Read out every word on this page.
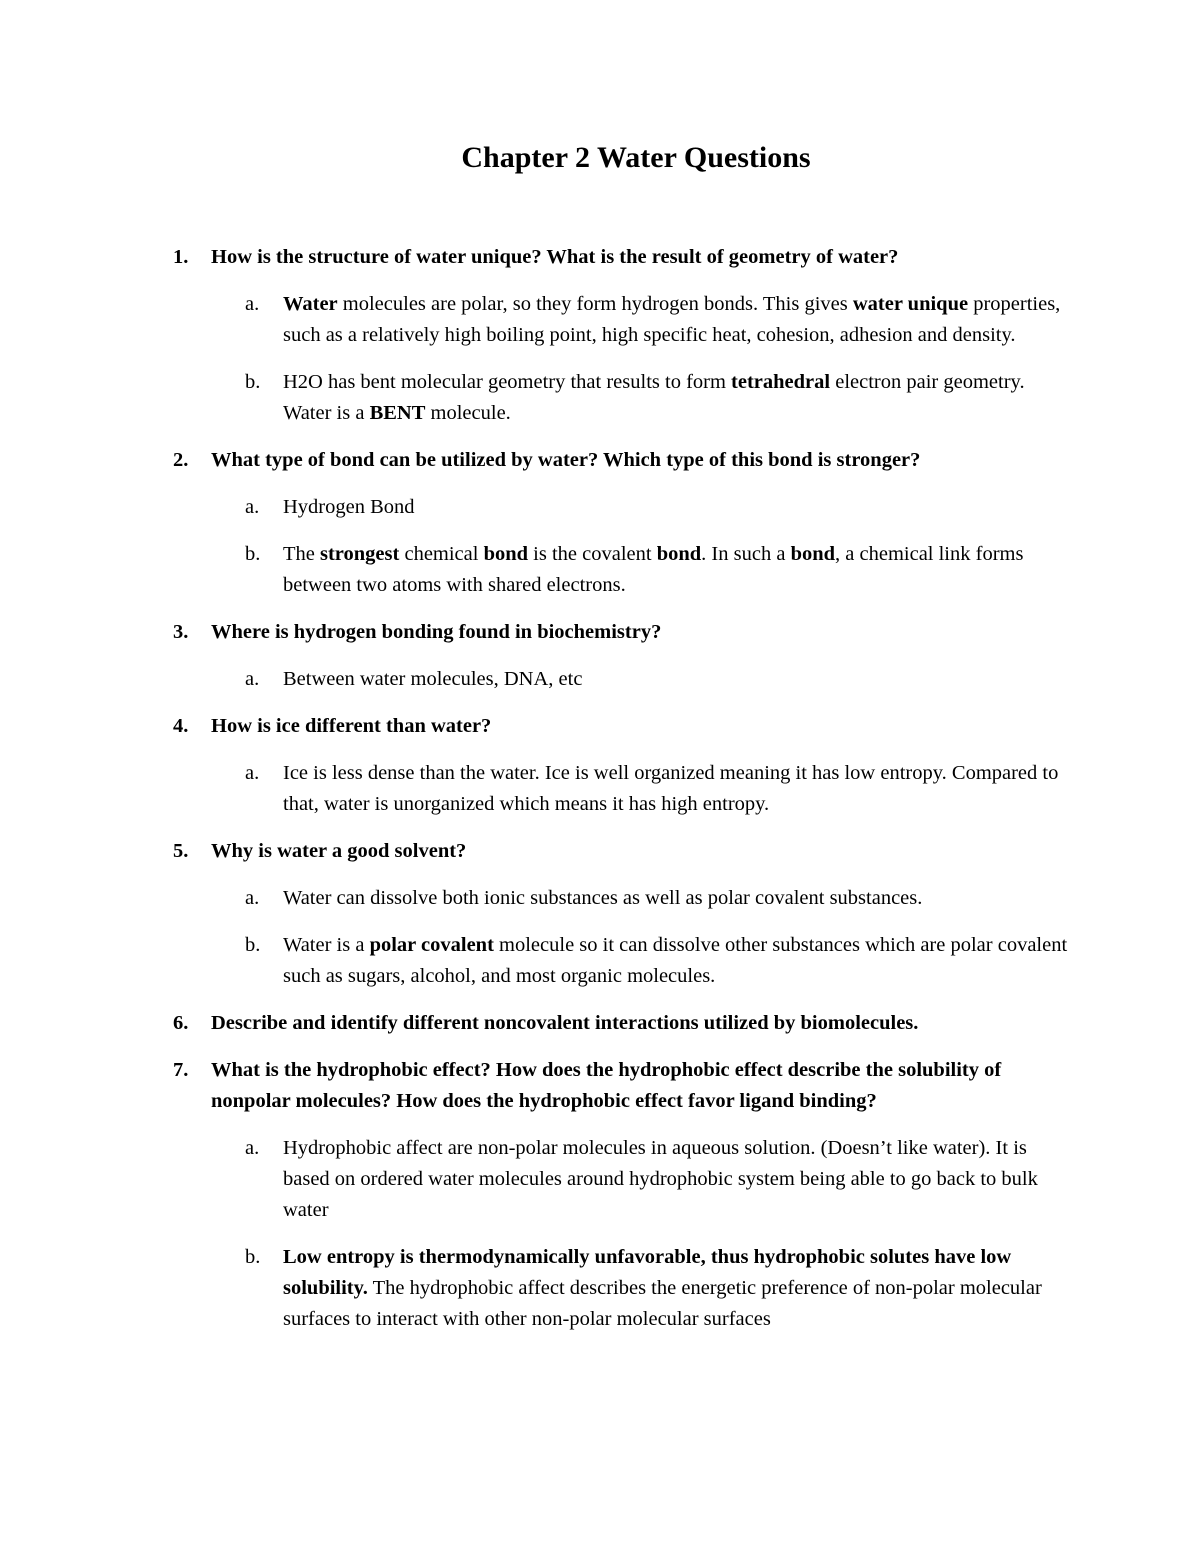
Chapter 2 Water Questions
1. How is the structure of water unique? What is the result of geometry of water?
a. Water molecules are polar, so they form hydrogen bonds. This gives water unique properties, such as a relatively high boiling point, high specific heat, cohesion, adhesion and density.
b. H2O has bent molecular geometry that results to form tetrahedral electron pair geometry. Water is a BENT molecule.
2. What type of bond can be utilized by water? Which type of this bond is stronger?
a. Hydrogen Bond
b. The strongest chemical bond is the covalent bond. In such a bond, a chemical link forms between two atoms with shared electrons.
3. Where is hydrogen bonding found in biochemistry?
a. Between water molecules, DNA, etc
4. How is ice different than water?
a. Ice is less dense than the water. Ice is well organized meaning it has low entropy. Compared to that, water is unorganized which means it has high entropy.
5. Why is water a good solvent?
a. Water can dissolve both ionic substances as well as polar covalent substances.
b. Water is a polar covalent molecule so it can dissolve other substances which are polar covalent such as sugars, alcohol, and most organic molecules.
6. Describe and identify different noncovalent interactions utilized by biomolecules.
7. What is the hydrophobic effect? How does the hydrophobic effect describe the solubility of nonpolar molecules? How does the hydrophobic effect favor ligand binding?
a. Hydrophobic affect are non-polar molecules in aqueous solution. (Doesn’t like water). It is based on ordered water molecules around hydrophobic system being able to go back to bulk water
b. Low entropy is thermodynamically unfavorable, thus hydrophobic solutes have low solubility. The hydrophobic affect describes the energetic preference of non-polar molecular surfaces to interact with other non-polar molecular surfaces
